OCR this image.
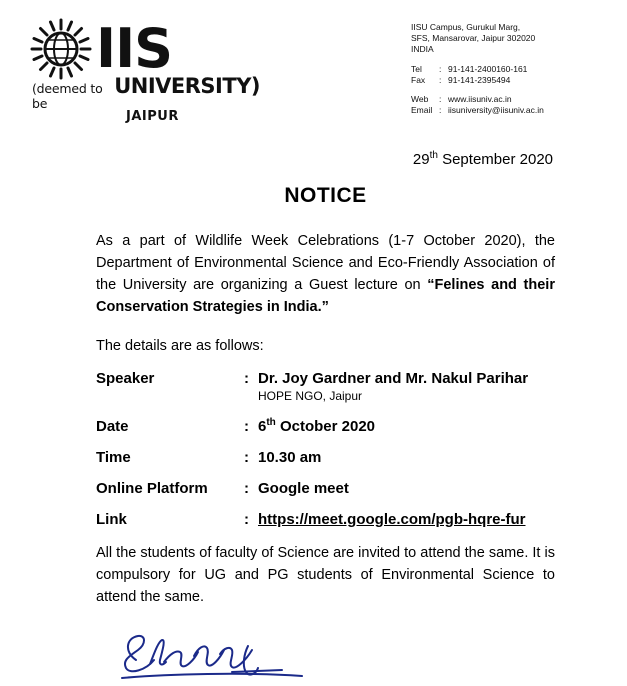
IIS
(deemed to be
UNIVERSITY)
JAIPUR
IISU Campus, Gurukul Marg,
SFS, Mansarovar, Jaipur 302020
INDIA
Tel	:	91-141-2400160-161
Fax	:	91-141-2395494
Web	:	www.iisuniv.ac.in
Email	:	iisuniversity@iisuniv.ac.in
29th September 2020
NOTICE
As a part of Wildlife Week Celebrations (1-7 October 2020), the Department of Environmental Science and Eco-Friendly Association of the University are organizing a Guest lecture on “Felines and their Conservation Strategies in India.”
The details are as follows:
Speaker	: Dr. Joy Gardner and Mr. Nakul Parihar
HOPE NGO, Jaipur
Date	: 6th October 2020
Time	: 10.30 am
Online Platform	: Google meet
Link	: https://meet.google.com/pgb-hqre-fur
All the students of faculty of Science are invited to attend the same. It is compulsory for UG and PG students of Environmental Science to attend the same.
